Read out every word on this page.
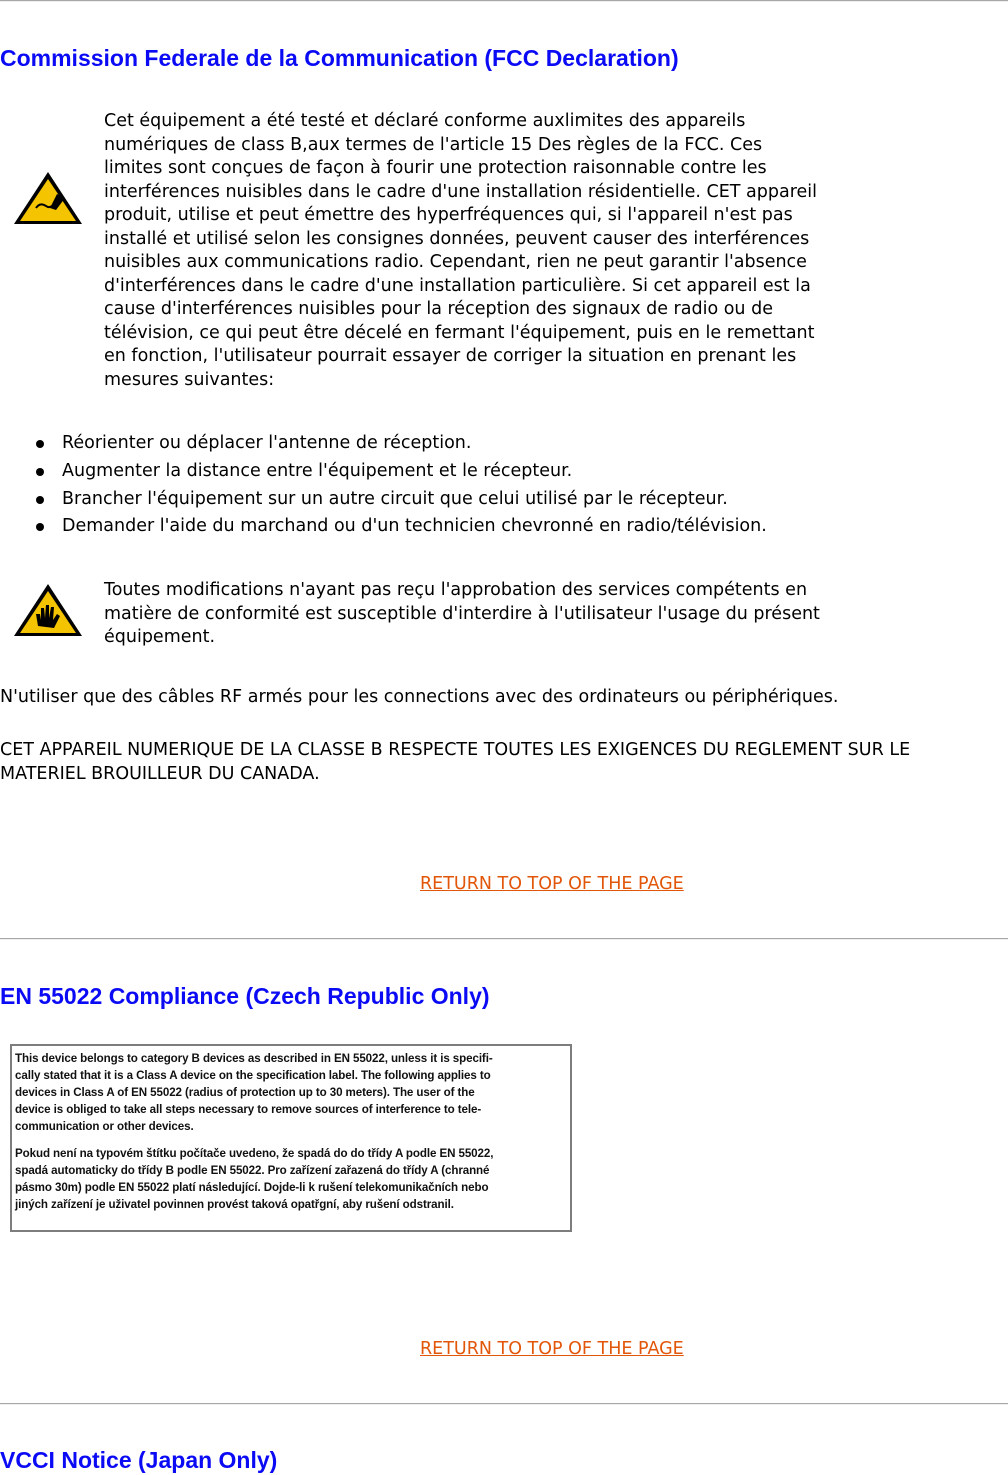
Commission Federale de la Communication (FCC Declaration)
Cet équipement a été testé et déclaré conforme auxlimites des appareils
numériques de class B,aux termes de l'article 15 Des règles de la FCC. Ces
limites sont conçues de façon à fourir une protection raisonnable contre les
interférences nuisibles dans le cadre d'une installation résidentielle. CET appareil
produit, utilise et peut émettre des hyperfréquences qui, si l'appareil n'est pas
installé et utilisé selon les consignes données, peuvent causer des interférences
nuisibles aux communications radio. Cependant, rien ne peut garantir l'absence
d'interférences dans le cadre d'une installation particulière. Si cet appareil est la
cause d'interférences nuisibles pour la réception des signaux de radio ou de
télévision, ce qui peut être décelé en fermant l'équipement, puis en le remettant
en fonction, l'utilisateur pourrait essayer de corriger la situation en prenant les
mesures suivantes:
Réorienter ou déplacer l'antenne de réception.
Augmenter la distance entre l'équipement et le récepteur.
Brancher l'équipement sur un autre circuit que celui utilisé par le récepteur.
Demander l'aide du marchand ou d'un technicien chevronné en radio/télévision.
Toutes modifications n'ayant pas reçu l'approbation des services compétents en
matière de conformité est susceptible d'interdire à l'utilisateur l'usage du présent
équipement.
N'utiliser que des câbles RF armés pour les connections avec des ordinateurs ou périphériques.
CET APPAREIL NUMERIQUE DE LA CLASSE B RESPECTE TOUTES LES EXIGENCES DU REGLEMENT SUR LE
MATERIEL BROUILLEUR DU CANADA.
RETURN TO TOP OF THE PAGE
EN 55022 Compliance (Czech Republic Only)

This device belongs to category B devices as described in EN 55022, unless it is specifi-

cally stated that it is a Class A device on the specification label. The following applies to

devices in Class A of EN 55022 (radius of protection up to 30 meters). The user of the

device is obliged to take all steps necessary to remove sources of interference to tele-

communication or other devices.

Pokud není na typovém štítku počítače uvedeno, že spadá do do třídy A podle EN 55022,

spadá automaticky do třídy B podle EN 55022. Pro zařízení zařazená do třídy A (chranné

pásmo 30m) podle EN 55022 platí následující. Dojde-li k rušení telekomunikačních nebo

jiných zařízení je uživatel povinnen provést taková opatřgní, aby rušení odstranil.

RETURN TO TOP OF THE PAGE
VCCI Notice (Japan Only)
